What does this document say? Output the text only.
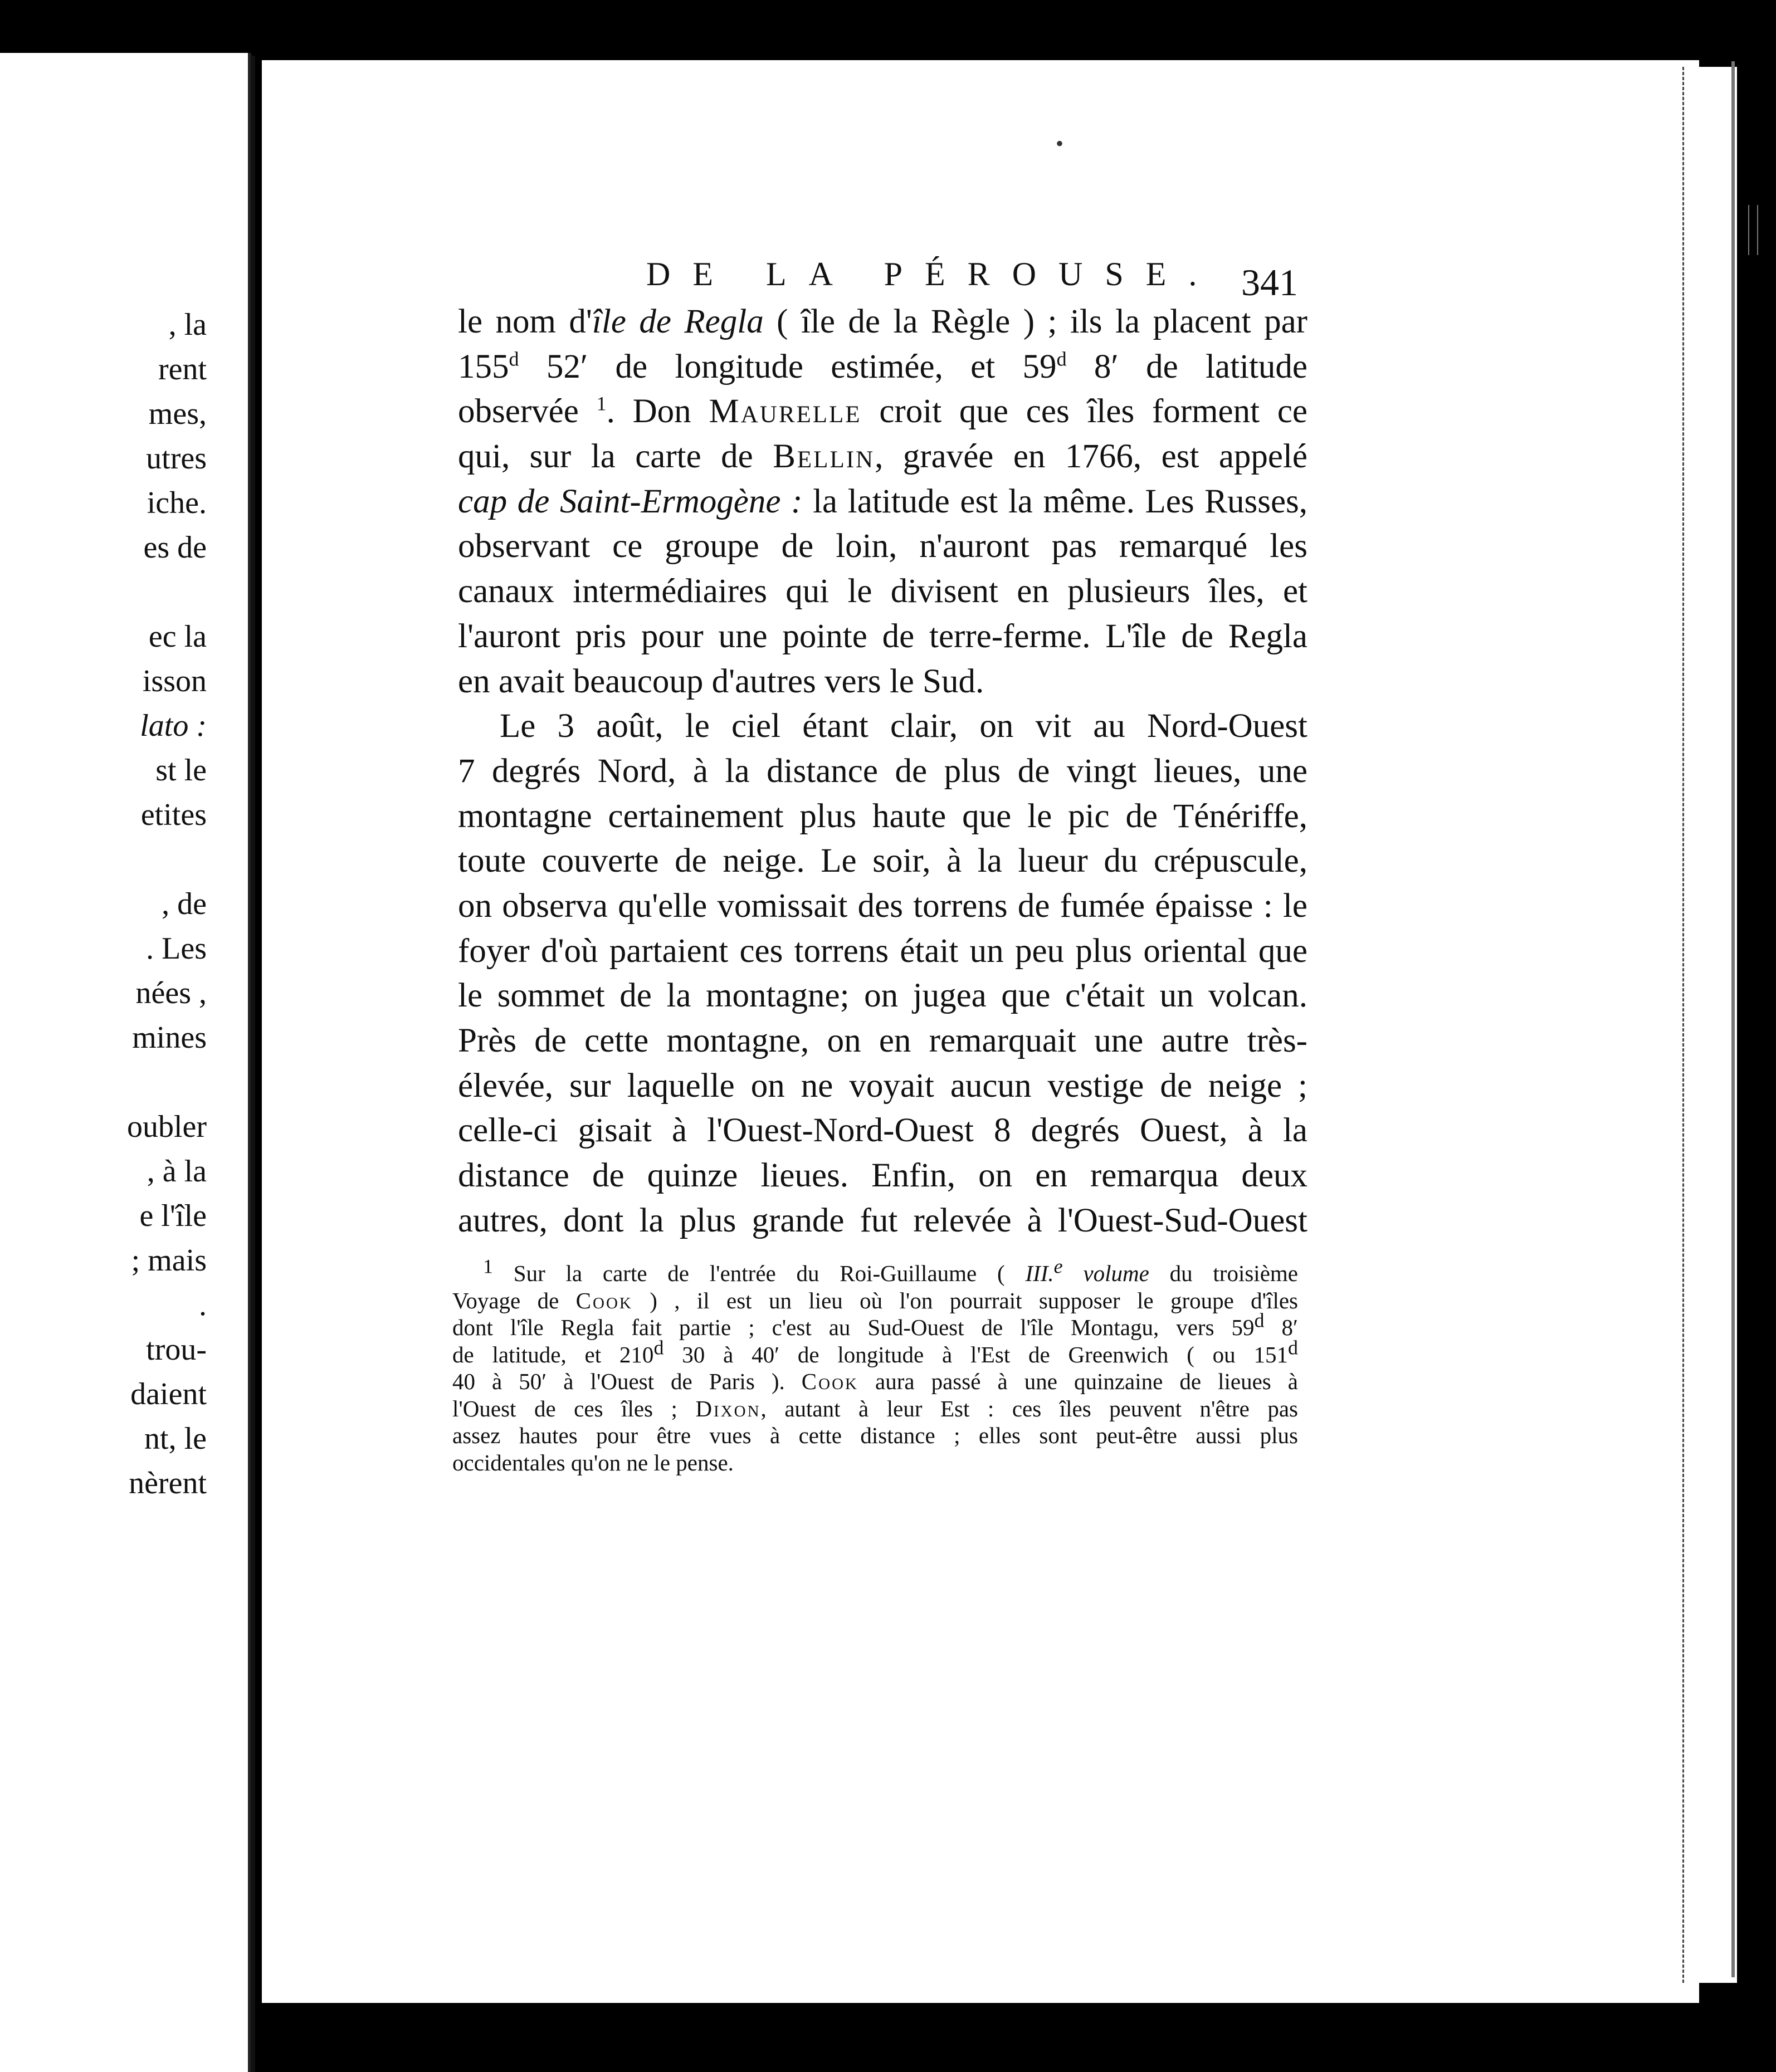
, la
rent
mes,
utres
iche.
es de
ec la
isson
lato :
st le
etites
, de
. Les
nées ,
mines
oubler
, à la
e l'île
; mais
.
trou-
daient
nt, le
nèrent
•
DE LA PÉROUSE. 341
le nom d'île de Regla ( île de la Règle ) ; ils la placent par
155$^d$ 52′ de longitude estimée, et 59$^d$ 8′ de latitude
observée $^1$. Don Maurelle croit que ces îles forment ce
qui, sur la carte de Bellin, gravée en 1766, est appelé
cap de Saint-Ermogène : la latitude est la même. Les Russes,
observant ce groupe de loin, n'auront pas remarqué les
canaux intermédiaires qui le divisent en plusieurs îles, et
l'auront pris pour une pointe de terre-ferme. L'île de Regla
en avait beaucoup d'autres vers le Sud.
Le 3 août, le ciel étant clair, on vit au Nord-Ouest
7 degrés Nord, à la distance de plus de vingt lieues, une
montagne certainement plus haute que le pic de Ténériffe,
toute couverte de neige. Le soir, à la lueur du crépuscule,
on observa qu'elle vomissait des torrens de fumée épaisse : le
foyer d'où partaient ces torrens était un peu plus oriental que
le sommet de la montagne; on jugea que c'était un volcan.
Près de cette montagne, on en remarquait une autre très-
élevée, sur laquelle on ne voyait aucun vestige de neige ;
celle-ci gisait à l'Ouest-Nord-Ouest 8 degrés Ouest, à la
distance de quinze lieues. Enfin, on en remarqua deux
autres, dont la plus grande fut relevée à l'Ouest-Sud-Ouest
$^1$ Sur la carte de l'entrée du Roi-Guillaume ( III.$^e$ volume du troisième
Voyage de Cook ) , il est un lieu où l'on pourrait supposer le groupe d'îles
dont l'île Regla fait partie ; c'est au Sud-Ouest de l'île Montagu, vers 59$^d$ 8′
de latitude, et 210$^d$ 30 à 40′ de longitude à l'Est de Greenwich ( ou 151$^d$
40 à 50′ à l'Ouest de Paris ). Cook aura passé à une quinzaine de lieues à
l'Ouest de ces îles ; Dixon, autant à leur Est : ces îles peuvent n'être pas
assez hautes pour être vues à cette distance ; elles sont peut-être aussi plus
occidentales qu'on ne le pense.
